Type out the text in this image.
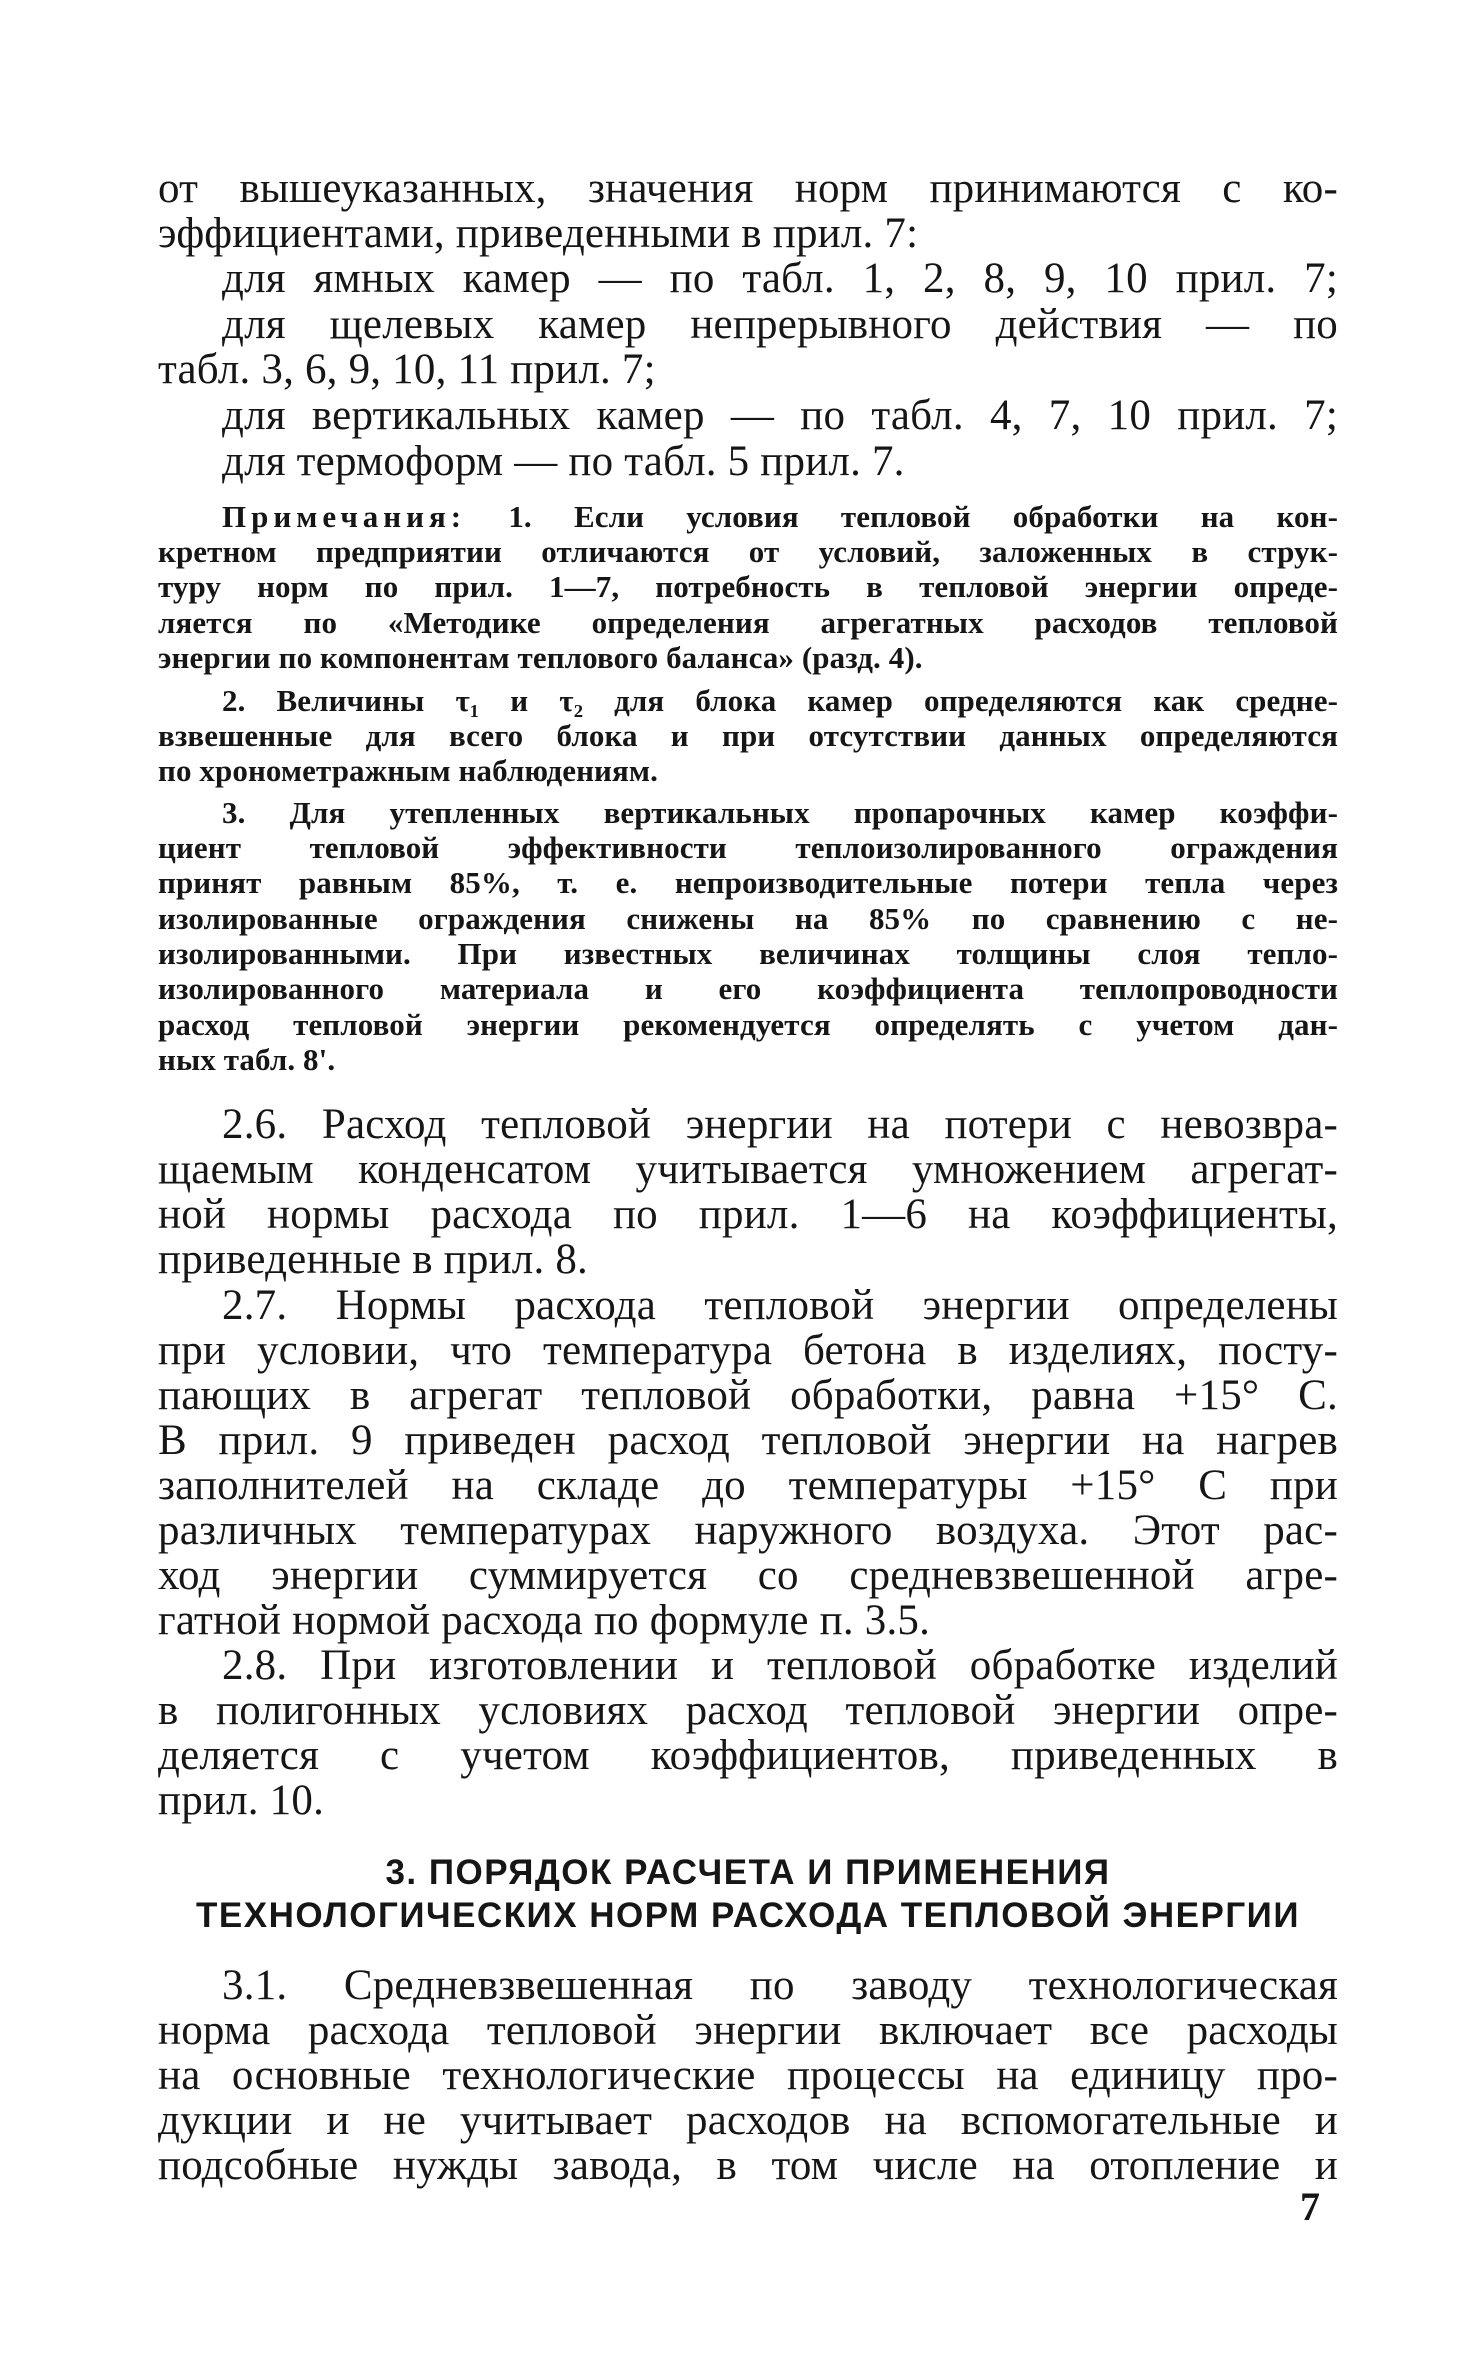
от вышеуказанных, значения норм принимаются с ко-
эффициентами, приведенными в прил. 7:
для ямных камер — по табл. 1, 2, 8, 9, 10 прил. 7;
для щелевых камер непрерывного действия — по
табл. 3, 6, 9, 10, 11 прил. 7;
для вертикальных камер — по табл. 4, 7, 10 прил. 7;
для термоформ — по табл. 5 прил. 7.
Примечания: 1. Если условия тепловой обработки на кон-
кретном предприятии отличаются от условий, заложенных в струк-
туру норм по прил. 1—7, потребность в тепловой энергии опреде-
ляется по «Методике определения агрегатных расходов тепловой
энергии по компонентам теплового баланса» (разд. 4).
2. Величины τ₁ и τ₂ для блока камер определяются как средне-
взвешенные для всего блока и при отсутствии данных определяются
по хронометражным наблюдениям.
3. Для утепленных вертикальных пропарочных камер коэффи-
циент тепловой эффективности теплоизолированного ограждения
принят равным 85%, т. е. непроизводительные потери тепла через
изолированные ограждения снижены на 85% по сравнению с не-
изолированными. При известных величинах толщины слоя тепло-
изолированного материала и его коэффициента теплопроводности
расход тепловой энергии рекомендуется определять с учетом дан-
ных табл. 8'.
2.6. Расход тепловой энергии на потери с невозвра-
щаемым конденсатом учитывается умножением агрегат-
ной нормы расхода по прил. 1—6 на коэффициенты,
приведенные в прил. 8.
2.7. Нормы расхода тепловой энергии определены
при условии, что температура бетона в изделиях, посту-
пающих в агрегат тепловой обработки, равна +15° С.
В прил. 9 приведен расход тепловой энергии на нагрев
заполнителей на складе до температуры +15° С при
различных температурах наружного воздуха. Этот рас-
ход энергии суммируется со средневзвешенной агре-
гатной нормой расхода по формуле п. 3.5.
2.8. При изготовлении и тепловой обработке изделий
в полигонных условиях расход тепловой энергии опре-
деляется с учетом коэффициентов, приведенных в
прил. 10.
3. ПОРЯДОК РАСЧЕТА И ПРИМЕНЕНИЯ
ТЕХНОЛОГИЧЕСКИХ НОРМ РАСХОДА ТЕПЛОВОЙ ЭНЕРГИИ
3.1. Средневзвешенная по заводу технологическая
норма расхода тепловой энергии включает все расходы
на основные технологические процессы на единицу про-
дукции и не учитывает расходов на вспомогательные и
подсобные нужды завода, в том числе на отопление и
7
